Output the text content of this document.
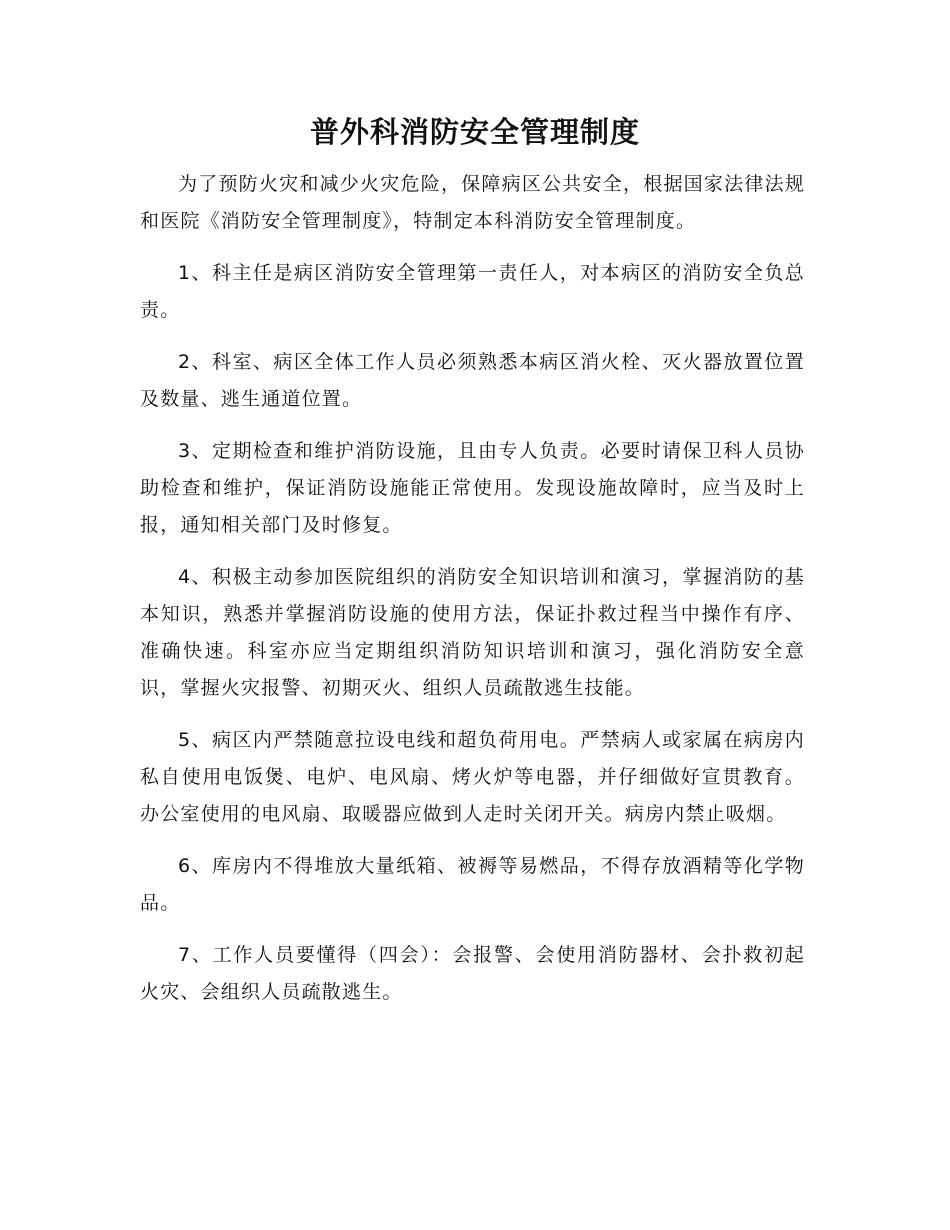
普外科消防安全管理制度

为了预防火灾和减少火灾危险，保障病区公共安全，根据国家法律法规和医院《消防安全管理制度》，特制定本科消防安全管理制度。

1、科主任是病区消防安全管理第一责任人，对本病区的消防安全负总责。

2、科室、病区全体工作人员必须熟悉本病区消火栓、灭火器放置位置及数量、逃生通道位置。

3、定期检查和维护消防设施，且由专人负责。必要时请保卫科人员协助检查和维护，保证消防设施能正常使用。发现设施故障时，应当及时上报，通知相关部门及时修复。

4、积极主动参加医院组织的消防安全知识培训和演习，掌握消防的基本知识，熟悉并掌握消防设施的使用方法，保证扑救过程当中操作有序、准确快速。科室亦应当定期组织消防知识培训和演习，强化消防安全意识，掌握火灾报警、初期灭火、组织人员疏散逃生技能。

5、病区内严禁随意拉设电线和超负荷用电。严禁病人或家属在病房内私自使用电饭煲、电炉、电风扇、烤火炉等电器，并仔细做好宣贯教育。办公室使用的电风扇、取暖器应做到人走时关闭开关。病房内禁止吸烟。

6、库房内不得堆放大量纸箱、被褥等易燃品，不得存放酒精等化学物品。

7、工作人员要懂得（四会）：会报警、会使用消防器材、会扑救初起火灾、会组织人员疏散逃生。
